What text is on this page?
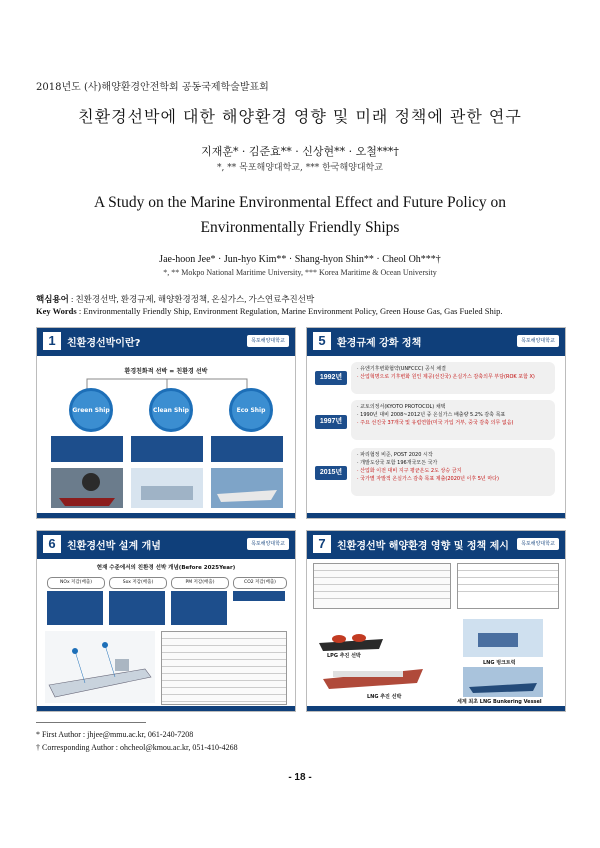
2018년도 (사)해양환경안전학회 공동국제학술발표회
친환경선박에 대한 해양환경 영향 및 미래 정책에 관한 연구
지재훈* · 김준효** · 신상현** · 오철***†
*, ** 목포해양대학교, *** 한국해양대학교
A Study on the Marine Environmental Effect and Future Policy on
Environmentally Friendly Ships
Jae-hoon Jee* · Jun-hyo Kim** · Shang-hyon Shin** · Cheol Oh***†
*, ** Mokpo National Maritime University, *** Korea Maritime & Ocean University
핵심용어 : 친환경선박, 환경규제, 해양환경정책, 온실가스, 가스연료추진선박
Key Words : Environmentally Friendly Ship, Environment Regulation, Marine Environment Policy, Green House Gas, Gas Fueled Ship.
1	친환경선박이란?	목포해양대학교
환경친화적 선박 = 친환경 선박
Green Ship	Clean Ship	Eco Ship
5	환경규제 강화 정책	목포해양대학교
1992년
· 유엔기후변화협약(UNFCCC) 공식 채결
· 산업혁명으로 기후변화 원인 제공(선진국) 온실가스 감축의무 부담(ROK 포함 X)
1997년
· 교토의정서(KYOTO PROTOCOL) 채택
· 1990년 대비 2008~2012년 중 온실가스 배출량 5.2% 감축 목표
· 주요 선진국 37개국 및 유럽연합(미국 가입 거부, 중국 감축 의무 없음)
2015년
· 파리협정 비준, POST 2020 시작
· 개발도상국 포함 196개국모든 국가
· 산업화 이전 대비 지구 평균온도 2도 상승 금지
· 국가별 자발적 온실가스 감축 목표 제출(2020년 이후 5년 마다)
6	친환경선박 설계 개념	목포해양대학교
현재 수준에서의 친환경 선박 개념(Before 2025Year)
NOx 저감(배출)	Sox 저감(배출)	PM 저감(배출)	CO2 저감(배출)
7	친환경선박 해양환경 영향 및 정책 제시	목포해양대학교
LPG 추진 선박
LNG 벙크트럭
LNG 추진 선박
세계 최초 LNG Bunkering Vessel
* First Author : jhjee@mmu.ac.kr, 061-240-7208
† Corresponding Author : ohcheol@kmou.ac.kr, 051-410-4268
- 18 -
